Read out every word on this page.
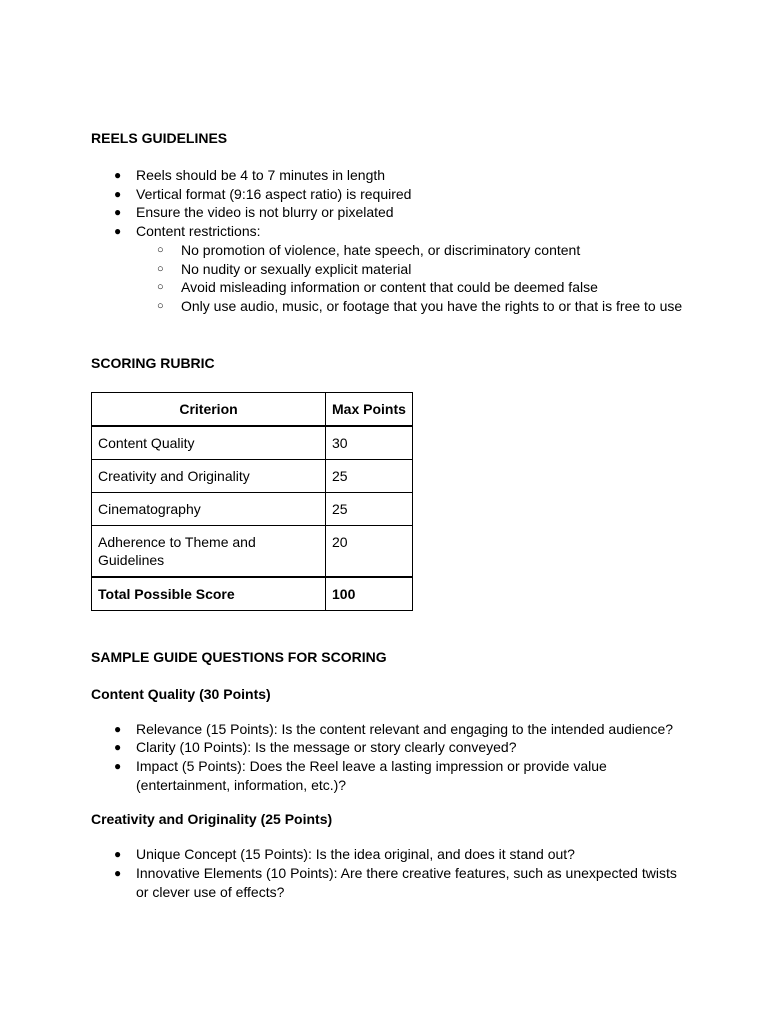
REELS GUIDELINES

● Reels should be 4 to 7 minutes in length
● Vertical format (9:16 aspect ratio) is required
● Ensure the video is not blurry or pixelated
● Content restrictions:
○ No promotion of violence, hate speech, or discriminatory content
○ No nudity or sexually explicit material
○ Avoid misleading information or content that could be deemed false
○ Only use audio, music, or footage that you have the rights to or that is free to use

SCORING RUBRIC

Criterion	Max Points
Content Quality	30
Creativity and Originality	25
Cinematography	25
Adherence to Theme and Guidelines	20
Total Possible Score	100

SAMPLE GUIDE QUESTIONS FOR SCORING

Content Quality (30 Points)

● Relevance (15 Points): Is the content relevant and engaging to the intended audience?
● Clarity (10 Points): Is the message or story clearly conveyed?
● Impact (5 Points): Does the Reel leave a lasting impression or provide value (entertainment, information, etc.)?

Creativity and Originality (25 Points)

● Unique Concept (15 Points): Is the idea original, and does it stand out?
● Innovative Elements (10 Points): Are there creative features, such as unexpected twists or clever use of effects?
